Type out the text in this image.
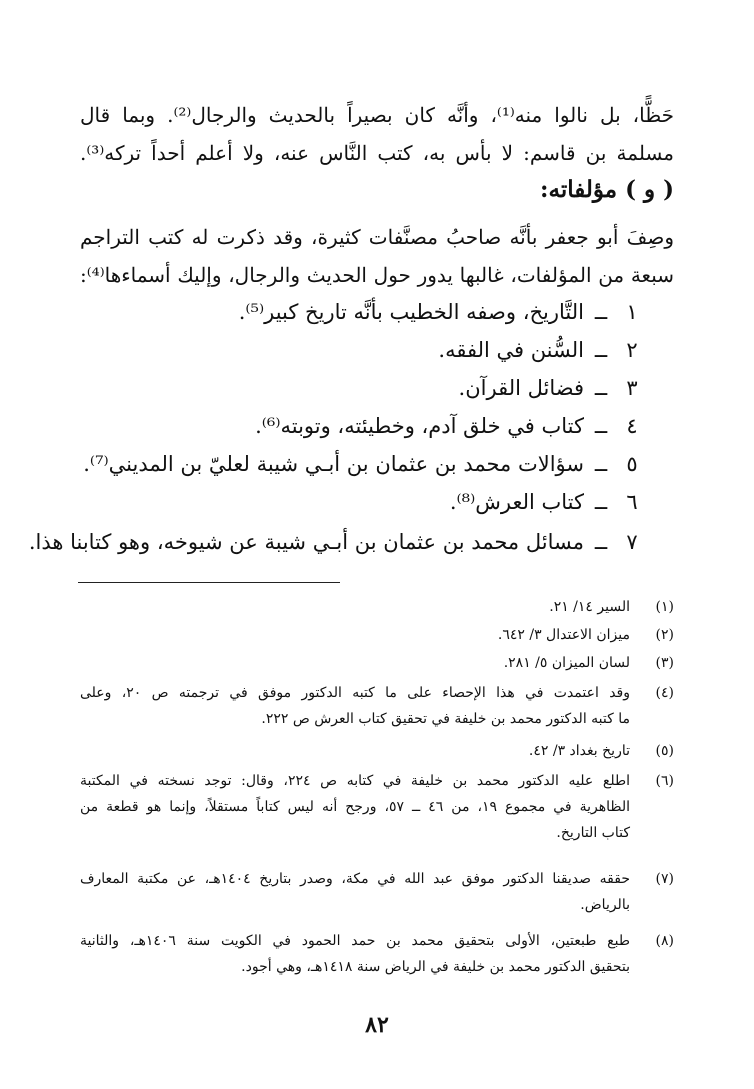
حَظًّا، بل نالوا منه⁽¹⁾، وأنَّه كان بصيراً بالحديث والرجال⁽²⁾. وبما قال
مسلمة بن قاسم: لا بأس به، كتب النَّاس عنه، ولا أعلم أحداً تركه⁽³⁾.
( و ) مؤلفاته:
وصِفَ أبو جعفر بأنَّه صاحبُ مصنَّفات كثيرة، وقد ذكرت له كتب التراجم
سبعة من المؤلفات، غالبها يدور حول الحديث والرجال، وإليك أسماءها⁽⁴⁾:
١ــالتَّاريخ، وصفه الخطيب بأنَّه تاريخ كبير⁽⁵⁾.
٢ــالسُّنن في الفقه.
٣ــفضائل القرآن.
٤ــكتاب في خلق آدم، وخطيئته، وتوبته⁽⁶⁾.
٥ــسؤالات محمد بن عثمان بن أبـي شيبة لعليّ بن المديني⁽⁷⁾.
٦ــكتاب العرش⁽⁸⁾.
٧ــمسائل محمد بن عثمان بن أبـي شيبة عن شيوخه، وهو كتابنا هذا.
(١)
السير ١٤/ ٢١.
(٢)
ميزان الاعتدال ٣/ ٦٤٢.
(٣)
لسان الميزان ٥/ ٢٨١.
(٤)
وقد اعتمدت في هذا الإحصاء على ما كتبه الدكتور موفق في ترجمته ص ٢٠، وعلى
ما كتبه الدكتور محمد بن خليفة في تحقيق كتاب العرش ص ٢٢٢.
(٥)
تاريخ بغداد ٣/ ٤٢.
(٦)
اطلع عليه الدكتور محمد بن خليفة في كتابه ص ٢٢٤، وقال: توجد نسخته في المكتبة
الظاهرية في مجموع ١٩، من ٤٦ ــ ٥٧، ورجح أنه ليس كتاباً مستقلاً، وإنما هو قطعة من
كتاب التاريخ.
(٧)
حققه صديقنا الدكتور موفق عبد الله في مكة، وصدر بتاريخ ١٤٠٤هـ، عن مكتبة المعارف
بالرياض.
(٨)
طبع طبعتين، الأولى بتحقيق محمد بن حمد الحمود في الكويت سنة ١٤٠٦هـ، والثانية
بتحقيق الدكتور محمد بن خليفة في الرياض سنة ١٤١٨هـ، وهي أجود.
٨٢
